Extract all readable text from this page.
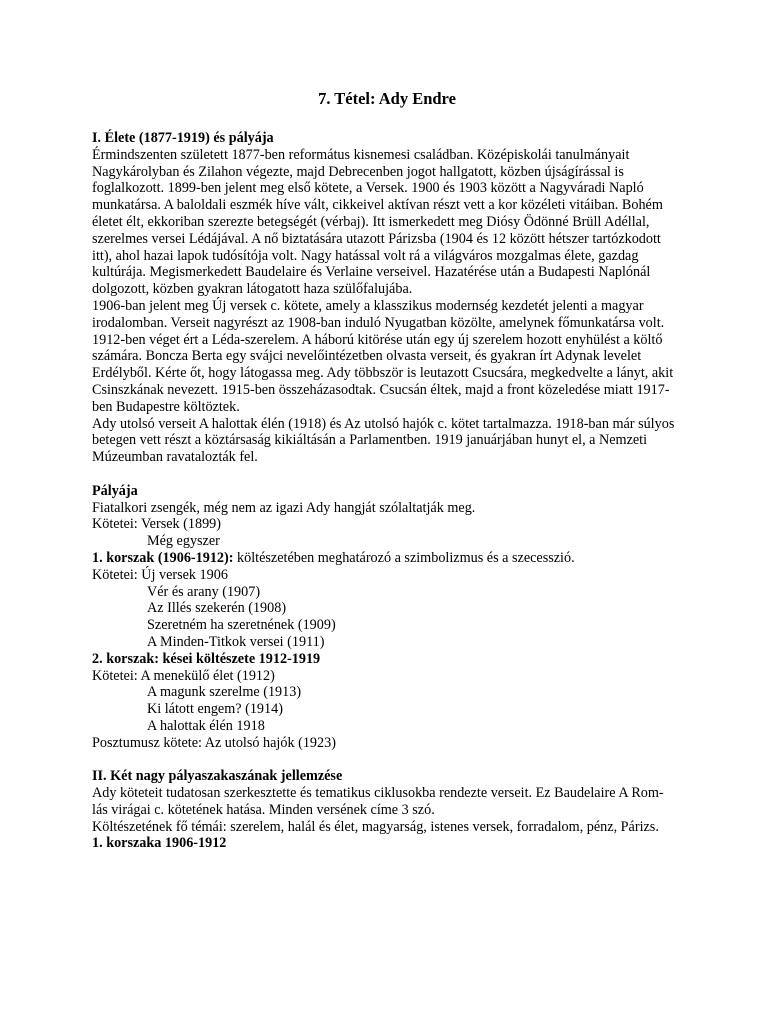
7. Tétel: Ady Endre
I. Élete (1877-1919) és pályája

Érmindszenten született 1877-ben református kisnemesi családban. Középiskolái tanulmányait Nagykárolyban és Zilahon végezte, majd Debrecenben jogot hallgatott, közben újságírással is foglalkozott. 1899-ben jelent meg első kötete, a Versek. 1900 és 1903 között a Nagyváradi Napló munkatársa. A baloldali eszmék híve vált, cikkeivel aktívan részt vett a kor közéleti vitáiban. Bohém életet élt, ekkoriban szerezte betegségét (vérbaj). Itt ismerkedett meg Diósy Ödönné Brüll Adéllal, szerelmes versei Lédájával. A nő biztatására utazott Párizsba (1904 és 12 között hétszer tartózkodott itt), ahol hazai lapok tudósítója volt. Nagy hatással volt rá a világváros mozgalmas élete, gazdag kultúrája. Megismerkedett Baudelaire és Verlaine verseivel. Hazatérése után a Budapesti Naplónál dolgozott, közben gyakran látogatott haza szülőfalujába.

1906-ban jelent meg Új versek c. kötete, amely a klasszikus modernség kezdetét jelenti a magyar irodalomban. Verseit nagyrészt az 1908-ban induló Nyugatban közölte, amelynek főmunkatársa volt. 1912-ben véget ért a Léda-szerelem. A háború kitörése után egy új szerelem hozott enyhülést a költő számára. Boncza Berta egy svájci nevelőintézetben olvasta verseit, és gyakran írt Adynak levelet Erdélyből. Kérte őt, hogy látogassa meg. Ady többször is leutazott Csucsára, megkedvelte a lányt, akit Csinszkának nevezett. 1915-ben összeházasodtak. Csucsán éltek, majd a front közeledése miatt 1917-ben Budapestre költöztek.

Ady utolsó verseit A halottak élén (1918) és Az utolsó hajók c. kötet tartalmazza. 1918-ban már súlyos betegen vett részt a köztársaság kikiáltásán a Parlamentben. 1919 januárjában hunyt el, a Nemzeti Múzeumban ravatalozták fel.

Pályája
Fiatalkori zsengék, még nem az igazi Ady hangját szólaltatják meg.
Kötetei: Versek (1899)
Még egyszer
1. korszak (1906-1912): költészetében meghatározó a szimbolizmus és a szecesszió.
Kötetei: Új versek 1906
Vér és arany (1907)
Az Illés szekerén (1908)
Szeretném ha szeretnének (1909)
A Minden-Titkok versei (1911)
2. korszak: kései költészete 1912-1919
Kötetei: A menekülő élet (1912)
A magunk szerelme (1913)
Ki látott engem? (1914)
A halottak élén 1918
Posztumusz kötete: Az utolsó hajók (1923)
II. Két nagy pályaszakaszának jellemzése
Ady köteteit tudatosan szerkesztette és tematikus ciklusokba rendezte verseit. Ez Baudelaire A Rom-
lás virágai c. kötetének hatása. Minden versének címe 3 szó.
Költészetének fő témái: szerelem, halál és élet, magyarság, istenes versek, forradalom, pénz, Párizs.
1. korszaka 1906-1912
